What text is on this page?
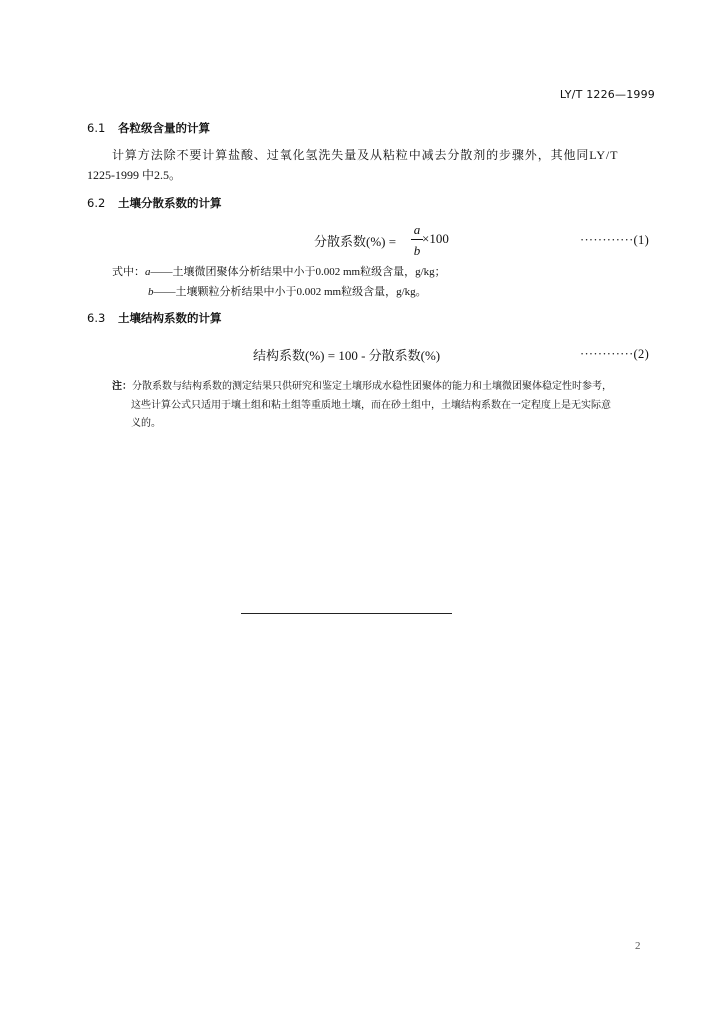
LY/T 1226—1999
6.1 各粒级含量的计算
计算方法除不要计算盐酸、过氧化氢洗失量及从粘粒中减去分散剂的步骤外，其他同LY/T
1225-1999 中2.5。
6.2 土壤分散系数的计算
分散系数(%) =
a
b
×100	············(1)
式中：a——土壤微团聚体分析结果中小于0.002 mm粒级含量，g/kg；
b——土壤颗粒分析结果中小于0.002 mm粒级含量，g/kg。
6.3 土壤结构系数的计算
结构系数(%) = 100 - 分散系数(%)	············(2)
注：分散系数与结构系数的测定结果只供研究和鉴定土壤形成水稳性团聚体的能力和土壤微团聚体稳定性时参考，
这些计算公式只适用于壤土组和粘土组等重质地土壤，而在砂土组中，土壤结构系数在一定程度上是无实际意
义的。
2
